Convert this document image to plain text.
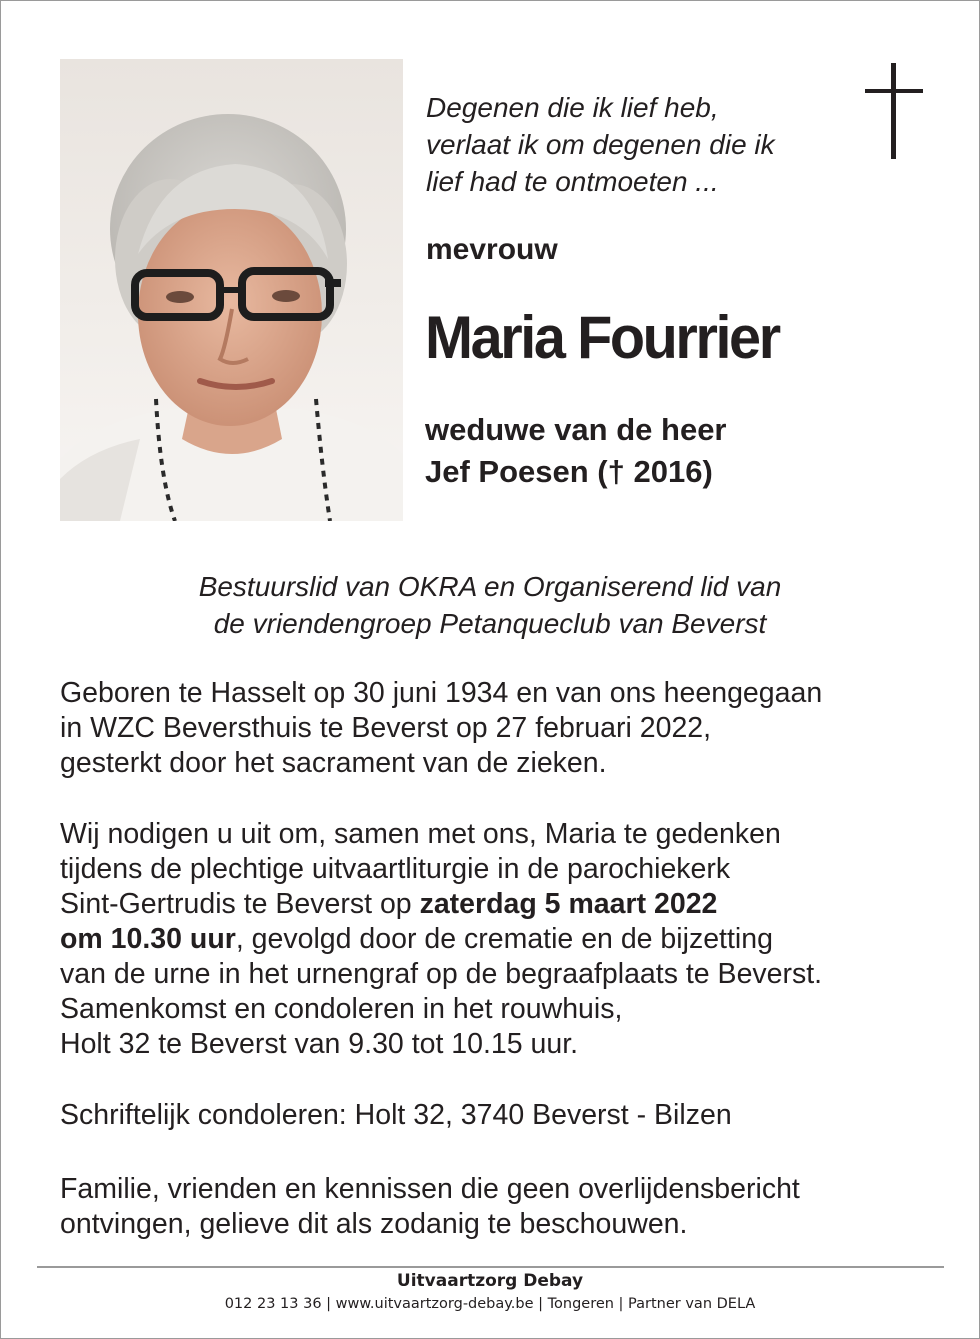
Degenen die ik lief heb,
verlaat ik om degenen die ik
lief had te ontmoeten ...
mevrouw
Maria Fourrier
weduwe van de heer
Jef Poesen († 2016)
Bestuurslid van OKRA en Organiserend lid van
de vriendengroep Petanqueclub van Beverst
Geboren te Hasselt op 30 juni 1934 en van ons heengegaan
in WZC Beversthuis te Beverst op 27 februari 2022,
gesterkt door het sacrament van de zieken.
Wij nodigen u uit om, samen met ons, Maria te gedenken
tijdens de plechtige uitvaartliturgie in de parochiekerk
Sint-Gertrudis te Beverst op zaterdag 5 maart 2022
om 10.30 uur, gevolgd door de crematie en de bijzetting
van de urne in het urnengraf op de begraafplaats te Beverst.
Samenkomst en condoleren in het rouwhuis,
Holt 32 te Beverst van 9.30 tot 10.15 uur.
Schriftelijk condoleren: Holt 32, 3740 Beverst - Bilzen
Familie, vrienden en kennissen die geen overlijdensbericht
ontvingen, gelieve dit als zodanig te beschouwen.
Uitvaartzorg Debay
012 23 13 36 | www.uitvaartzorg-debay.be | Tongeren | Partner van DELA
